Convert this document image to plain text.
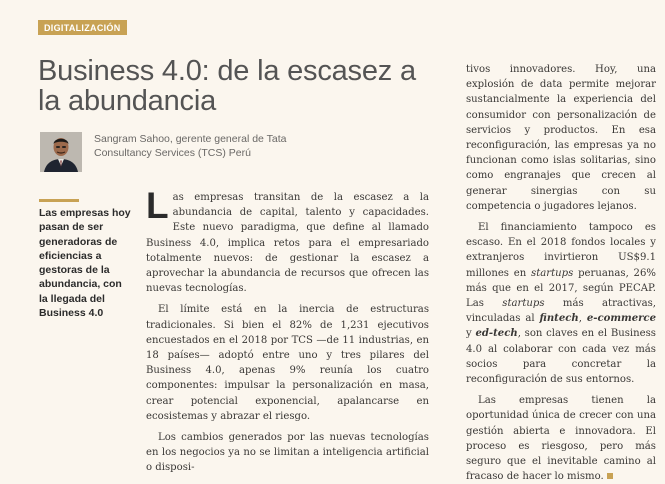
DIGITALIZACIÓN
Business 4.0: de la escasez a la abundancia
Sangram Sahoo, gerente general de Tata
Consultancy Services (TCS) Perú
Las empresas hoy pasan de ser generadoras de eficiencias a gestoras de la abundancia, con la llegada del Business 4.0

Las empresas transitan de la escasez a la abundancia de capital, talento y capacidades. Este nuevo paradigma, que define al llamado Business 4.0, implica retos para el empresariado totalmente nuevos: de gestionar la escasez a aprovechar la abundancia de recursos que ofrecen las nuevas tecnologías.

El límite está en la inercia de estructuras tradicionales. Si bien el 82% de 1,231 ejecutivos encuestados en el 2018 por TCS —de 11 industrias, en 18 países— adoptó entre uno y tres pilares del Business 4.0, apenas 9% reunía los cuatro componentes: impulsar la personalización en masa, crear potencial exponencial, apalancarse en ecosistemas y abrazar el riesgo.

Los cambios generados por las nuevas tecnologías en los negocios ya no se limitan a inteligencia artificial o disposi-

tivos innovadores. Hoy, una explosión de data permite mejorar sustancialmente la experiencia del consumidor con personalización de servicios y productos. En esa reconfiguración, las empresas ya no funcionan como islas solitarias, sino como engranajes que crecen al generar sinergias con su competencia o jugadores lejanos.

El financiamiento tampoco es escaso. En el 2018 fondos locales y extranjeros invirtieron US$9.1 millones en startups peruanas, 26% más que en el 2017, según PECAP. Las startups más atractivas, vinculadas al fintech, e-commerce y ed-tech, son claves en el Business 4.0 al colaborar con cada vez más socios para concretar la reconfiguración de sus entornos.

Las empresas tienen la oportunidad única de crecer con una gestión abierta e innovadora. El proceso es riesgoso, pero más seguro que el inevitable camino al fracaso de hacer lo mismo.
